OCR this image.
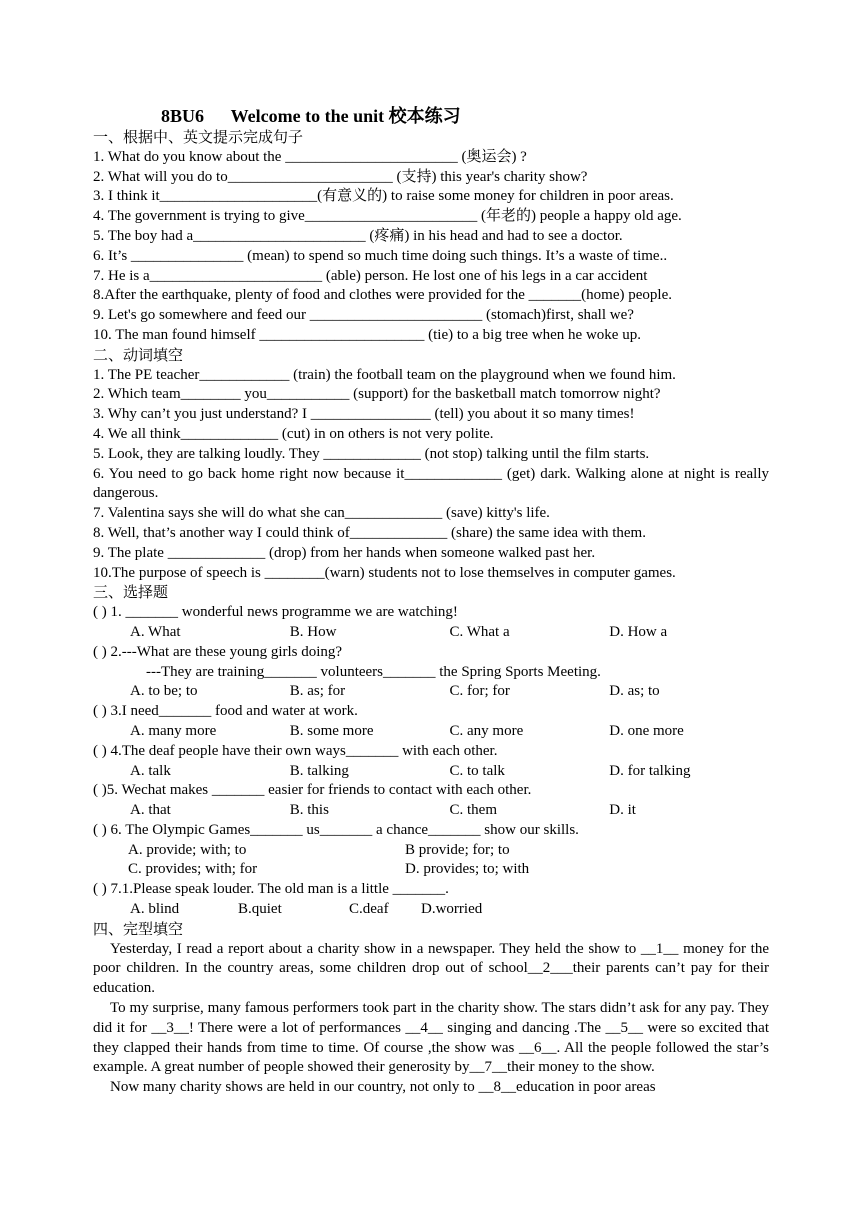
8BU6      Welcome to the unit 校本练习
一、根据中、英文提示完成句子
1. What do you know about the _______________________ (奥运会) ?
2. What will you do to______________________ (支持) this year's charity show?
3. I think it_____________________(有意义的) to raise some money for children in poor areas.
4. The government is trying to give_______________________ (年老的) people a happy old age.
5. The boy had a_______________________ (疼痛) in his head and had to see a doctor.
6. It’s _______________ (mean) to spend so much time doing such things. It’s a waste of time..
7. He is a_______________________ (able) person. He lost one of his legs in a car accident
8.After the earthquake, plenty of food and clothes were provided for the _______(home) people.
9. Let's go somewhere and feed our _______________________ (stomach)first, shall we?
10. The man found himself ______________________ (tie) to a big tree when he woke up.
二、动词填空
1. The PE teacher____________ (train) the football team on the playground when we found him.
2. Which team________ you___________ (support) for the basketball match tomorrow night?
3. Why can’t you just understand? I ________________ (tell) you about it so many times!
4. We all think_____________ (cut) in on others is not very polite.
5. Look, they are talking loudly. They _____________ (not stop) talking until the film starts.
6. You need to go back home right now because it_____________ (get) dark. Walking alone at night is really dangerous.
7. Valentina says she will do what she can_____________ (save) kitty's life.
8. Well, that’s another way I could think of_____________ (share) the same idea with them.
9. The plate _____________ (drop) from her hands when someone walked past her.
10.The purpose of speech is ________(warn) students not to lose themselves in computer games.
三、选择题
( ) 1. _______ wonderful news programme we are watching!
A. What	B. How	C. What a	D. How a
( ) 2.---What are these young girls doing?
---They are training_______ volunteers_______ the Spring Sports Meeting.
A. to be; to	B. as; for	C. for; for	D. as; to
( ) 3.I need_______ food and water at work.
A. many more	B. some more	C. any more	D. one more
( ) 4.The deaf people have their own ways_______ with each other.
A. talk	B. talking	C. to talk	D. for talking
( )5. Wechat makes _______ easier for friends to contact with each other.
A. that	B. this	C. them	D. it
( ) 6. The Olympic Games_______ us_______ a chance_______ show our skills.
A. provide; with; to	B provide; for; to
C. provides; with; for	D. provides; to; with
( ) 7.1.Please speak louder. The old man is a little _______.
A. blind	B.quiet	C.deaf	D.worried
四、完型填空
Yesterday, I read a report about a charity show in a newspaper. They held the show to __1__ money for the poor children. In the country areas, some children drop out of school__2___their parents can’t pay for their education.
To my surprise, many famous performers took part in the charity show. The stars didn’t ask for any pay. They did it for __3__! There were a lot of performances __4__ singing and dancing .The __5__ were so excited that they clapped their hands from time to time. Of course ,the show was __6__. All the people followed the star’s example. A great number of people showed their generosity by__7__their money to the show.
Now many charity shows are held in our country, not only to __8__education in poor areas
